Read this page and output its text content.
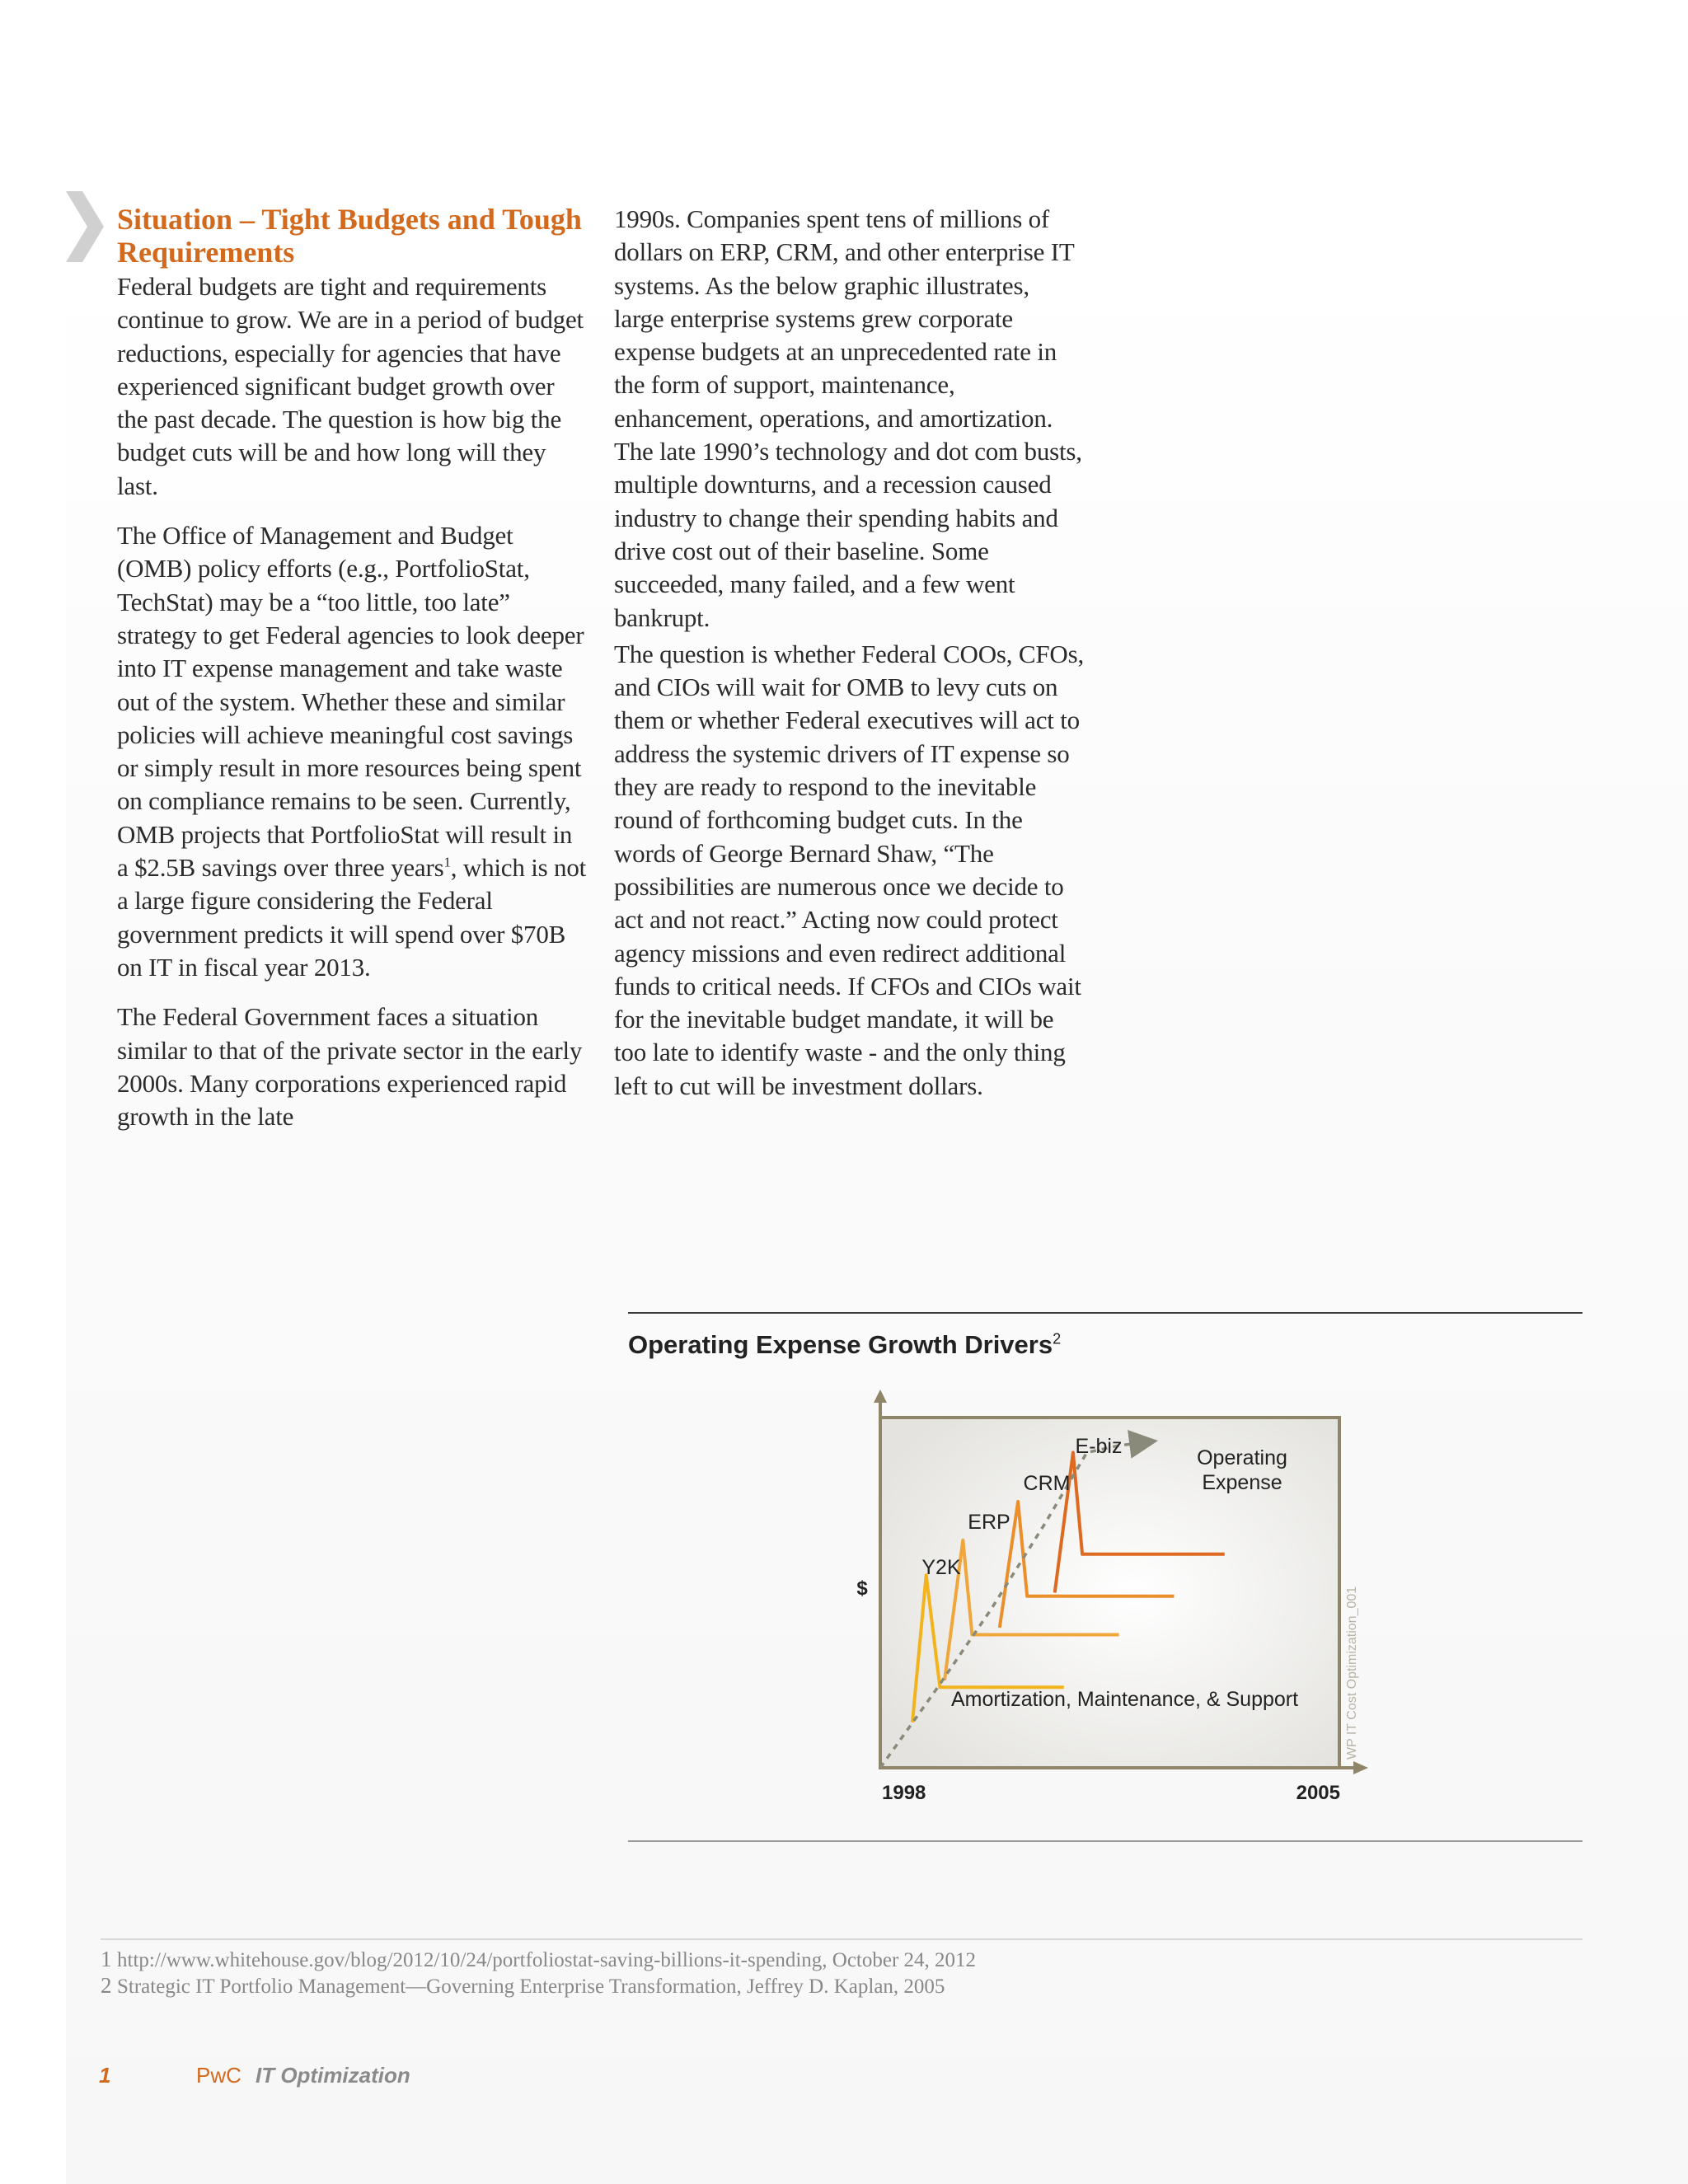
Situation – Tight Budgets and Tough Requirements

Federal budgets are tight and requirements continue to grow. We are in a period of budget reductions, especially for agencies that have experienced significant budget growth over the past decade. The question is how big the budget cuts will be and how long will they last.

The Office of Management and Budget (OMB) policy efforts (e.g., PortfolioStat, TechStat) may be a “too little, too late” strategy to get Federal agencies to look deeper into IT expense management and take waste out of the system. Whether these and similar policies will achieve meaningful cost savings or simply result in more resources being spent on compliance remains to be seen. Currently, OMB projects that PortfolioStat will result in a $2.5B savings over three years$^1$, which is not a large figure considering the Federal government predicts it will spend over $70B on IT in fiscal year 2013.

The Federal Government faces a situation similar to that of the private sector in the early 2000s. Many corporations experienced rapid growth in the late

1990s. Companies spent tens of millions of dollars on ERP, CRM, and other enterprise IT systems. As the below graphic illustrates, large enterprise systems grew corporate expense budgets at an unprecedented rate in the form of support, maintenance, enhancement, operations, and amortization. The late 1990’s technology and dot com busts, multiple downturns, and a recession caused industry to change their spending habits and drive cost out of their baseline. Some succeeded, many failed, and a few went bankrupt.

The question is whether Federal COOs, CFOs, and CIOs will wait for OMB to levy cuts on them or whether Federal executives will act to address the systemic drivers of IT expense so they are ready to respond to the inevitable round of forthcoming budget cuts. In the words of George Bernard Shaw, “The possibilities are numerous once we decide to act and not react.” Acting now could protect agency missions and even redirect additional funds to critical needs. If CFOs and CIOs wait for the inevitable budget mandate, it will be too late to identify waste - and the only thing left to cut will be investment dollars.

Operating Expense Growth Drivers$^2$
$
1998	2005
Y2K
ERP
CRM
E-biz	Operating
Expense
Amortization, Maintenance, & Support	WP IT Cost Optimization_001
1 http://www.whitehouse.gov/blog/2012/10/24/portfoliostat-saving-billions-it-spending, October 24, 2012
2 Strategic IT Portfolio Management—Governing Enterprise Transformation, Jeffrey D. Kaplan, 2005
1	PwC IT Optimization
